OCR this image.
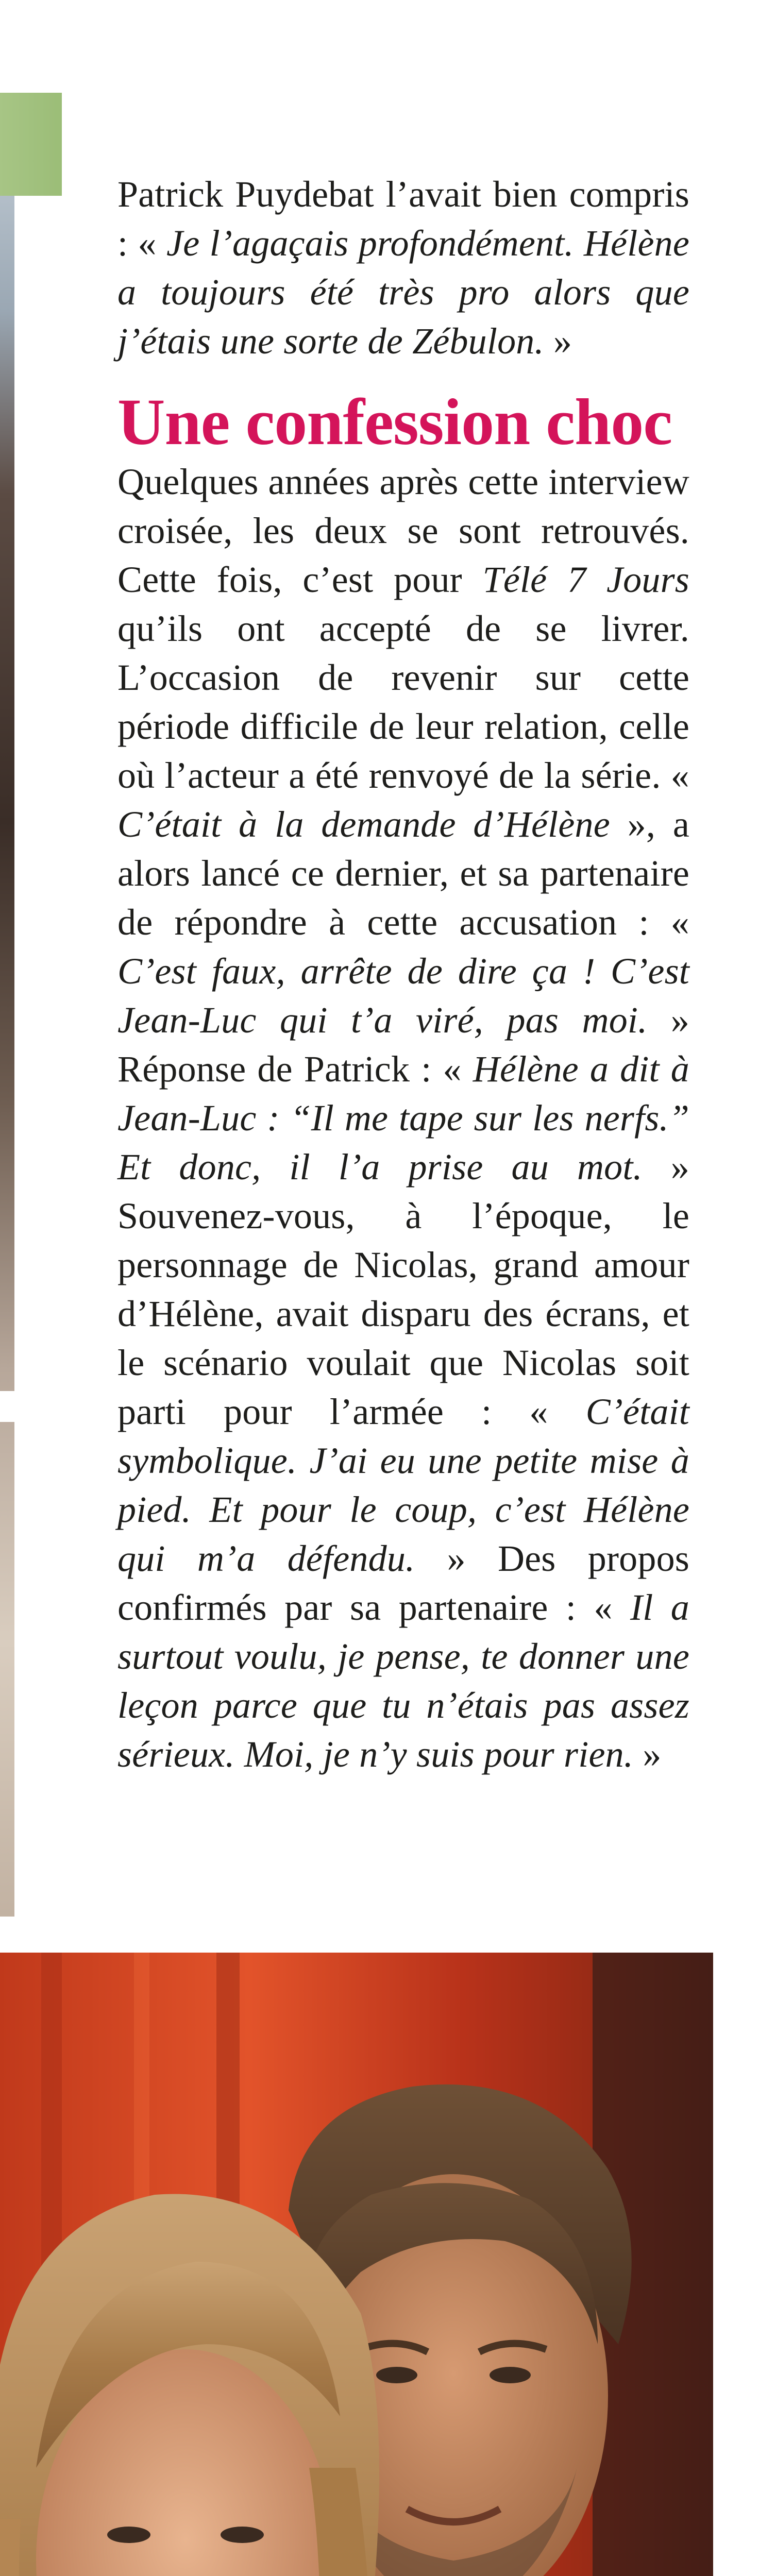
Patrick Puydebat l’avait bien compris : « Je l’agaçais profondément. Hélène a toujours été très pro alors que j’étais une sorte de Zébulon. »

Une confession choc

Quelques années après cette interview croisée, les deux se sont retrouvés. Cette fois, c’est pour Télé 7 Jours qu’ils ont accepté de se livrer. L’occasion de revenir sur cette période difficile de leur relation, celle où l’acteur a été renvoyé de la série. « C’était à la demande d’Hélène », a alors lancé ce dernier, et sa partenaire de répondre à cette accusation : « C’est faux, arrête de dire ça ! C’est Jean-Luc qui t’a viré, pas moi. » Réponse de Patrick : « Hélène a dit à Jean-Luc : “Il me tape sur les nerfs.” Et donc, il l’a prise au mot. » Souvenez-vous, à l’époque, le personnage de Nicolas, grand amour d’Hélène, avait disparu des écrans, et le scénario voulait que Nicolas soit parti pour l’armée : « C’était symbolique. J’ai eu une petite mise à pied. Et pour le coup, c’est Hélène qui m’a défendu. » Des propos confirmés par sa partenaire : « Il a surtout voulu, je pense, te donner une leçon parce que tu n’étais pas assez sérieux. Moi, je n’y suis pour rien. »
